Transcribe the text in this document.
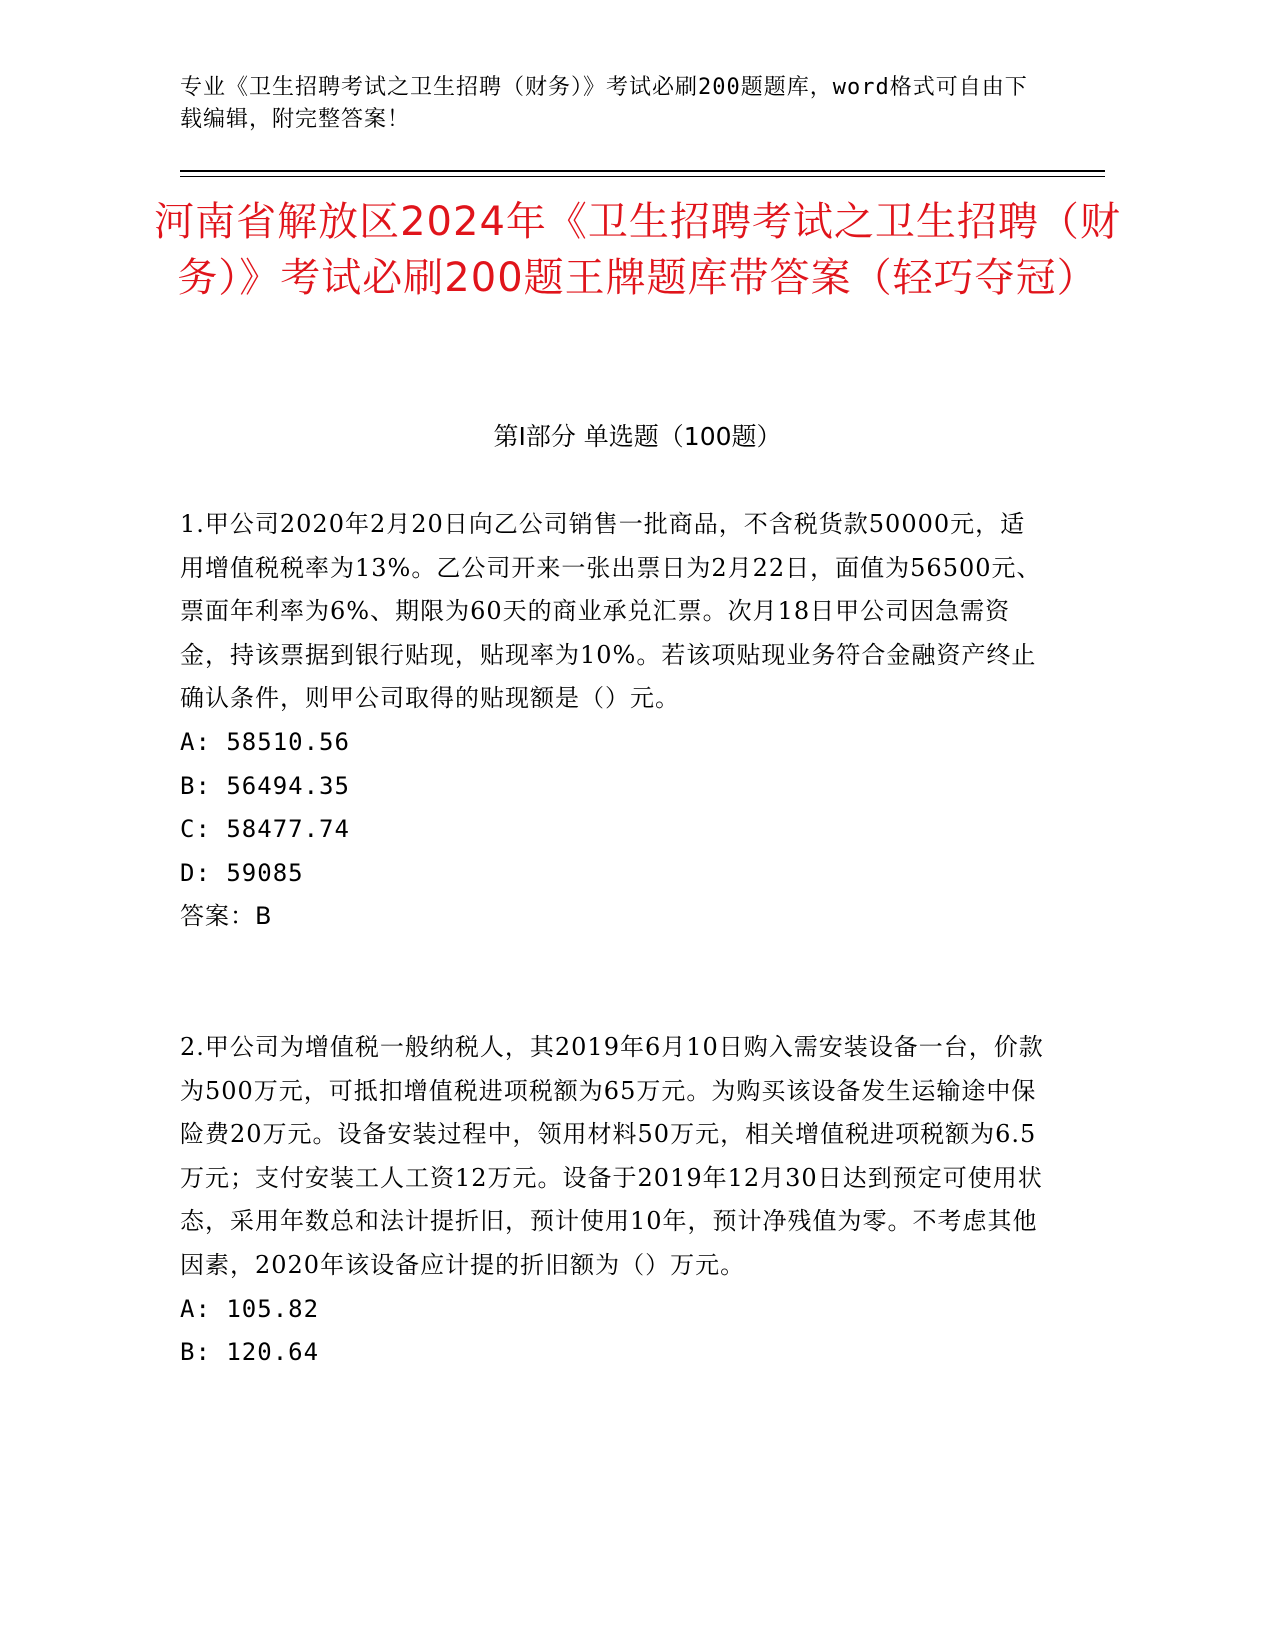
专业《卫生招聘考试之卫生招聘（财务）》考试必刷200题题库，word格式可自由下载编辑，附完整答案！
河南省解放区2024年《卫生招聘考试之卫生招聘（财务）》考试必刷200题王牌题库带答案（轻巧夺冠）
第Ⅰ部分 单选题（100题）

1.甲公司2020年2月20日向乙公司销售一批商品，不含税货款50000元，适用增值税税率为13%。乙公司开来一张出票日为2月22日，面值为56500元、票面年利率为6%、期限为60天的商业承兑汇票。次月18日甲公司因急需资金，持该票据到银行贴现，贴现率为10%。若该项贴现业务符合金融资产终止确认条件，则甲公司取得的贴现额是（）元。

A: 58510.56

B: 56494.35

C: 58477.74

D: 59085

答案：B

2.甲公司为增值税一般纳税人，其2019年6月10日购入需安装设备一台，价款为500万元，可抵扣增值税进项税额为65万元。为购买该设备发生运输途中保险费20万元。设备安装过程中，领用材料50万元，相关增值税进项税额为6.5万元；支付安装工人工资12万元。设备于2019年12月30日达到预定可使用状态，采用年数总和法计提折旧，预计使用10年，预计净残值为零。不考虑其他因素，2020年该设备应计提的折旧额为（）万元。

A: 105.82

B: 120.64
